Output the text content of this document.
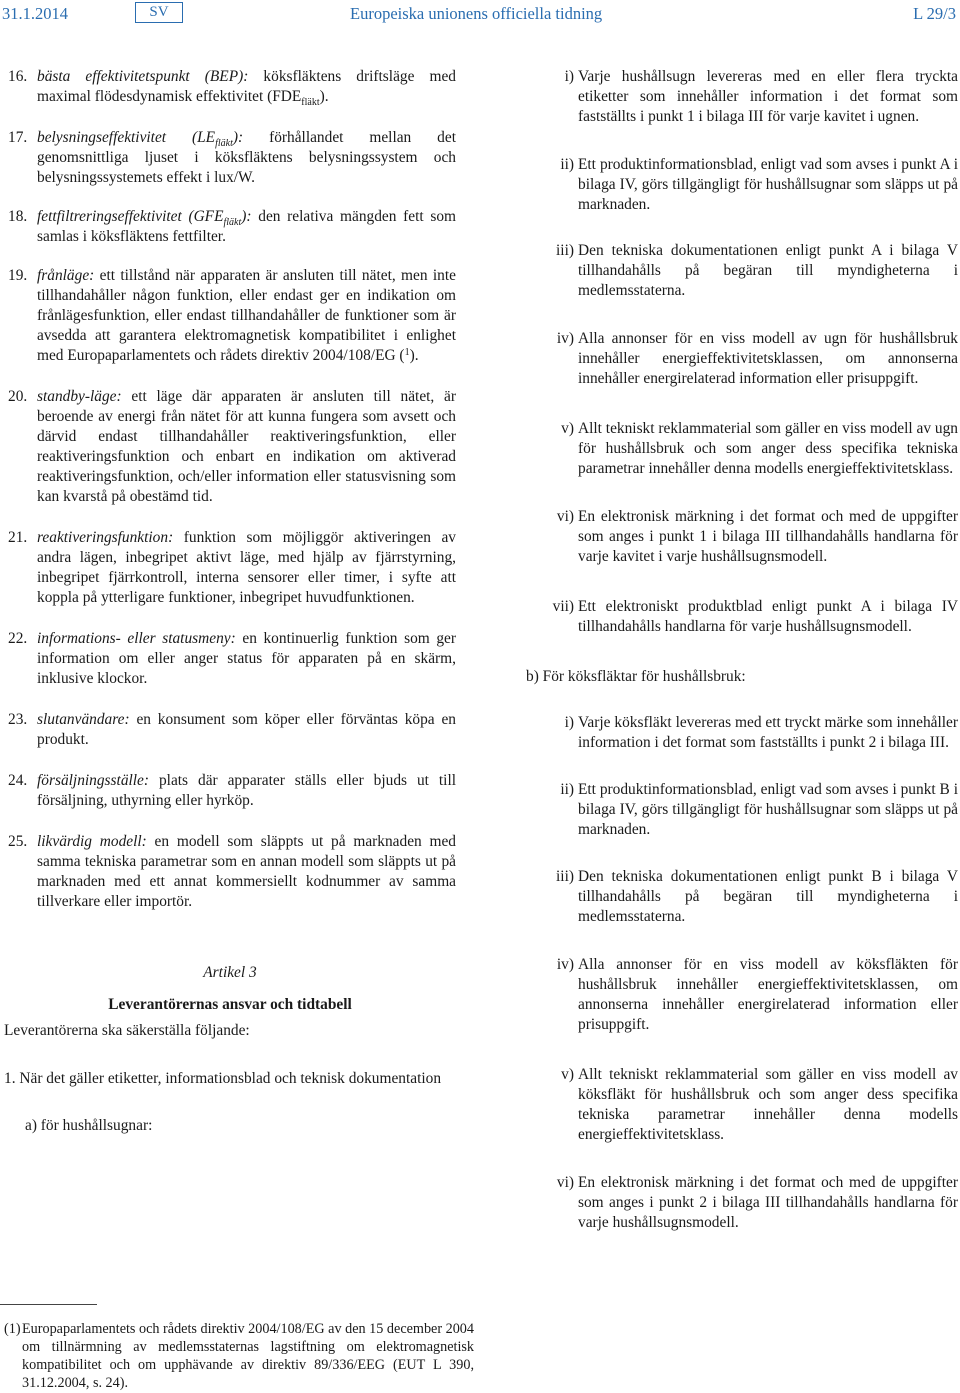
31.1.2014	SV	Europeiska unionens officiella tidning	L 29/3

16. bästa effektivitetspunkt (BEP): köksfläktens driftsläge med maximal flödesdynamisk effektivitet $(FDE_{fläkt})$.

17. belysningseffektivitet $(LE_{fläkt})$: förhållandet mellan det genomsnittliga ljuset i köksfläktens belysningssystem och belysningssystemets effekt i lux/W.

18. fettfiltreringseffektivitet $(GFE_{fläkt})$: den relativa mängden fett som samlas i köksfläktens fettfilter.

19. frånläge: ett tillstånd när apparaten är ansluten till nätet, men inte tillhandahåller någon funktion, eller endast ger en indikation om frånlägesfunktion, eller endast tillhandahåller de funktioner som är avsedda att garantera elektromagnetisk kompatibilitet i enlighet med Europaparlamentets och rådets direktiv 2004/108/EG ($^1$).

20. standby-läge: ett läge där apparaten är ansluten till nätet, är beroende av energi från nätet för att kunna fungera som avsett och därvid endast tillhandahåller reaktiveringsfunktion, eller reaktiveringsfunktion och enbart en indikation om aktiverad reaktiveringsfunktion, och/eller information eller statusvisning som kan kvarstå på obestämd tid.

21. reaktiveringsfunktion: funktion som möjliggör aktiveringen av andra lägen, inbegripet aktivt läge, med hjälp av fjärrstyrning, inbegripet fjärrkontroll, interna sensorer eller timer, i syfte att koppla på ytterligare funktioner, inbegripet huvudfunktionen.

22. informations- eller statusmeny: en kontinuerlig funktion som ger information om eller anger status för apparaten på en skärm, inklusive klockor.

23. slutanvändare: en konsument som köper eller förväntas köpa en produkt.

24. försäljningsställe: plats där apparater ställs eller bjuds ut till försäljning, uthyrning eller hyrköp.

25. likvärdig modell: en modell som släppts ut på marknaden med samma tekniska parametrar som en annan modell som släppts ut på marknaden med ett annat kommersiellt kodnummer av samma tillverkare eller importör.

Artikel 3

Leverantörernas ansvar och tidtabell

Leverantörerna ska säkerställa följande:

1. När det gäller etiketter, informationsblad och teknisk dokumentation

a) för hushållsugnar:

(1) Europaparlamentets och rådets direktiv 2004/108/EG av den 15 december 2004 om tillnärmning av medlemsstaternas lagstiftning om elektromagnetisk kompatibilitet och om upphävande av direktiv 89/336/EEG (EUT L 390, 31.12.2004, s. 24).

i) Varje hushållsugn levereras med en eller flera tryckta etiketter som innehåller information i det format som fastställts i punkt 1 i bilaga III för varje kavitet i ugnen.

ii) Ett produktinformationsblad, enligt vad som avses i punkt A i bilaga IV, görs tillgängligt för hushållsugnar som släpps ut på marknaden.

iii) Den tekniska dokumentationen enligt punkt A i bilaga V tillhandahålls på begäran till myndigheterna i medlemsstaterna.

iv) Alla annonser för en viss modell av ugn för hushållsbruk innehåller energieffektivitetsklassen, om annonserna innehåller energirelaterad information eller prisuppgift.

v) Allt tekniskt reklammaterial som gäller en viss modell av ugn för hushållsbruk och som anger dess specifika tekniska parametrar innehåller denna modells energieffektivitetsklass.

vi) En elektronisk märkning i det format och med de uppgifter som anges i punkt 1 i bilaga III tillhandahålls handlarna för varje kavitet i varje hushållsugnsmodell.

vii) Ett elektroniskt produktblad enligt punkt A i bilaga IV tillhandahålls handlarna för varje hushållsugnsmodell.

b) För köksfläktar för hushållsbruk:

i) Varje köksfläkt levereras med ett tryckt märke som innehåller information i det format som fastställts i punkt 2 i bilaga III.

ii) Ett produktinformationsblad, enligt vad som avses i punkt B i bilaga IV, görs tillgängligt för hushållsugnar som släpps ut på marknaden.

iii) Den tekniska dokumentationen enligt punkt B i bilaga V tillhandahålls på begäran till myndigheterna i medlemsstaterna.

iv) Alla annonser för en viss modell av köksfläkten för hushållsbruk innehåller energieffektivitetsklassen, om annonserna innehåller energirelaterad information eller prisuppgift.

v) Allt tekniskt reklammaterial som gäller en viss modell av köksfläkt för hushållsbruk och som anger dess specifika tekniska parametrar innehåller denna modells energieffektivitetsklass.

vi) En elektronisk märkning i det format och med de uppgifter som anges i punkt 2 i bilaga III tillhandahålls handlarna för varje hushållsugnsmodell.
